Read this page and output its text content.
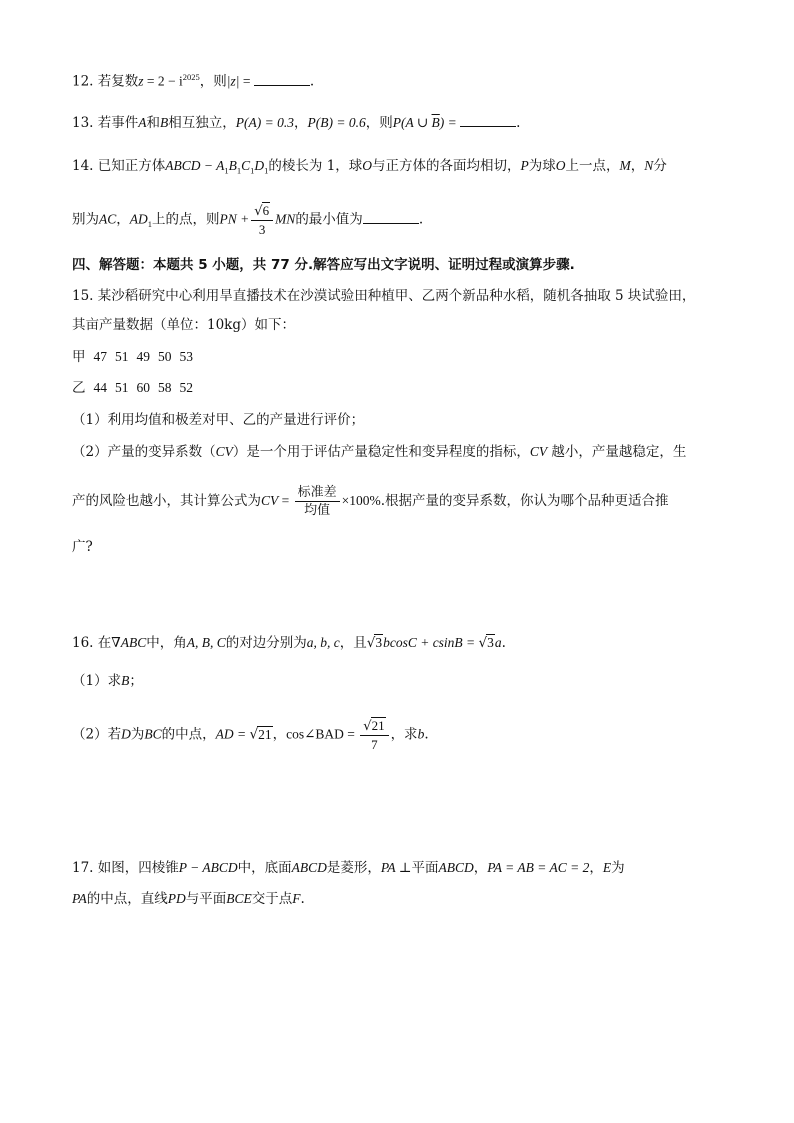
12. 若复数$z = 2 - i^{2025}$，则|z| =	.
13. 若事件A和B相互独立，P(A) = 0.3，P(B) = 0.6，则P(A ∪ $\overline{B}$) =	.
14. 已知正方体ABCD − $A_1B_1C_1D_1$的棱长为 1，球O与正方体的各面均相切，P为球O上一点，M，N分
别为AC，$AD_1$上的点，则PN + $\frac{√6}{3}$ MN的最小值为	.
四、解答题：本题共 5 小题，共 77 分.解答应写出文字说明、证明过程或演算步骤.
15. 某沙稻研究中心利用旱直播技术在沙漠试验田种植甲、乙两个新品种水稻，随机各抽取 5 块试验田，
其亩产量数据（单位：10kg）如下：
甲 47 51 49 50 53
乙 44 51 60 58 52
（1）利用均值和极差对甲、乙的产量进行评价；
（2）产量的变异系数（CV）是一个用于评估产量稳定性和变异程度的指标，CV 越小，产量越稳定，生
产的风险也越小，其计算公式为CV = $\frac{\text{标准差}}{\text{均值}} \times 100\%$.根据产量的变异系数，你认为哪个品种更适合推
广?
16. 在∇ABC中，角A, B, C的对边分别为a, b, c，且√3bcosC + csinB = √3a.
（1）求B；
（2）若D为BC的中点，AD = √21，cos∠BAD = $\frac{√21}{7}$ ，求b.
17. 如图，四棱锥P − ABCD中，底面ABCD是菱形，PA ⊥平面ABCD，PA = AB = AC = 2，E为
PA的中点，直线PD与平面BCE交于点F.
